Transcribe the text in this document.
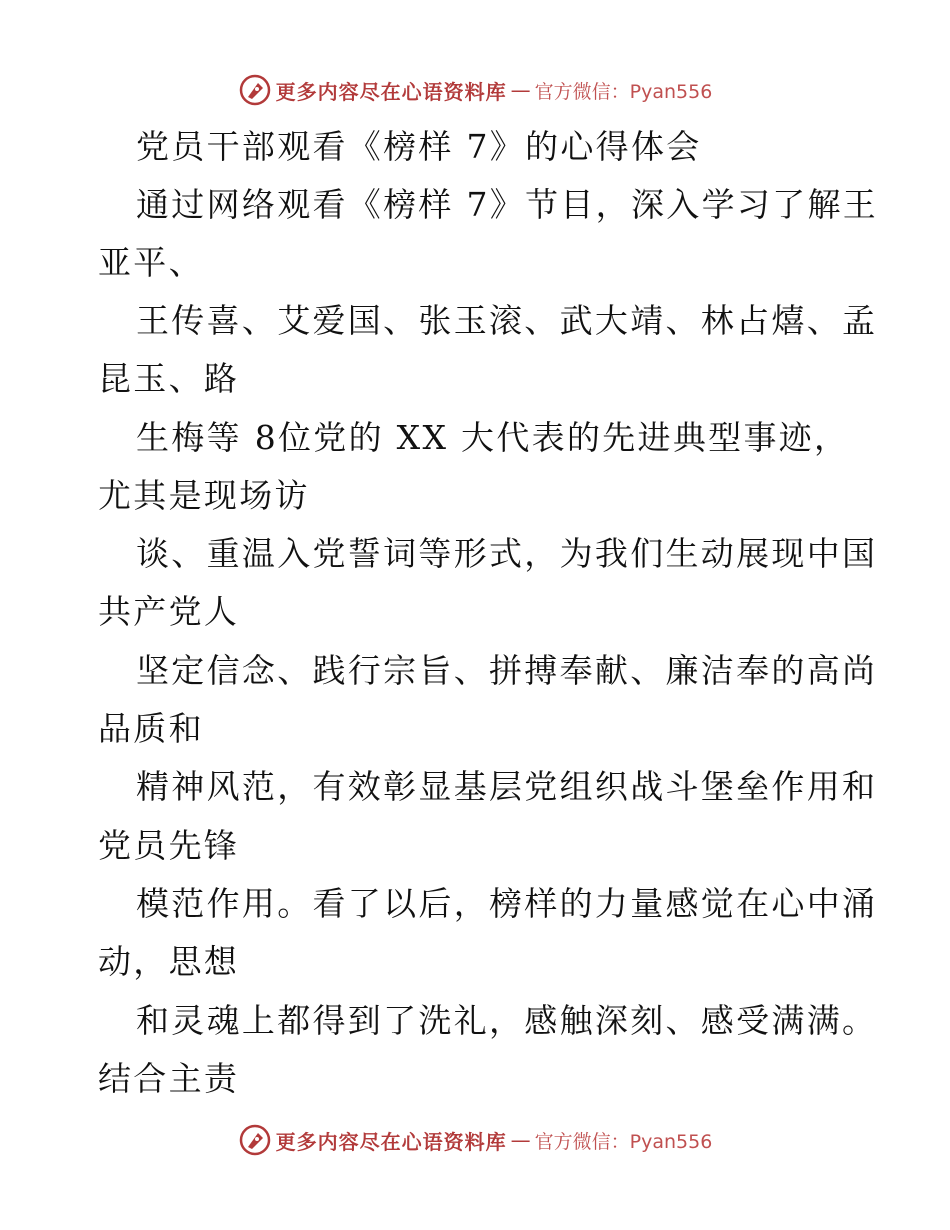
更多内容尽在心语资料库 — 官方微信：Pyan556
党员干部观看《榜样 7》的心得体会
通过网络观看《榜样 7》节目，深入学习了解王
亚平、
王传喜、艾爱国、张玉滚、武大靖、林占熺、孟
昆玉、路
生梅等 8位党的 XX 大代表的先进典型事迹，
尤其是现场访
谈、重温入党誓词等形式，为我们生动展现中国
共产党人
坚定信念、践行宗旨、拼搏奉献、廉洁奉的高尚
品质和
精神风范，有效彰显基层党组织战斗堡垒作用和
党员先锋
模范作用。看了以后，榜样的力量感觉在心中涌
动，思想
和灵魂上都得到了洗礼，感触深刻、感受满满。
结合主责
更多内容尽在心语资料库 — 官方微信：Pyan556
